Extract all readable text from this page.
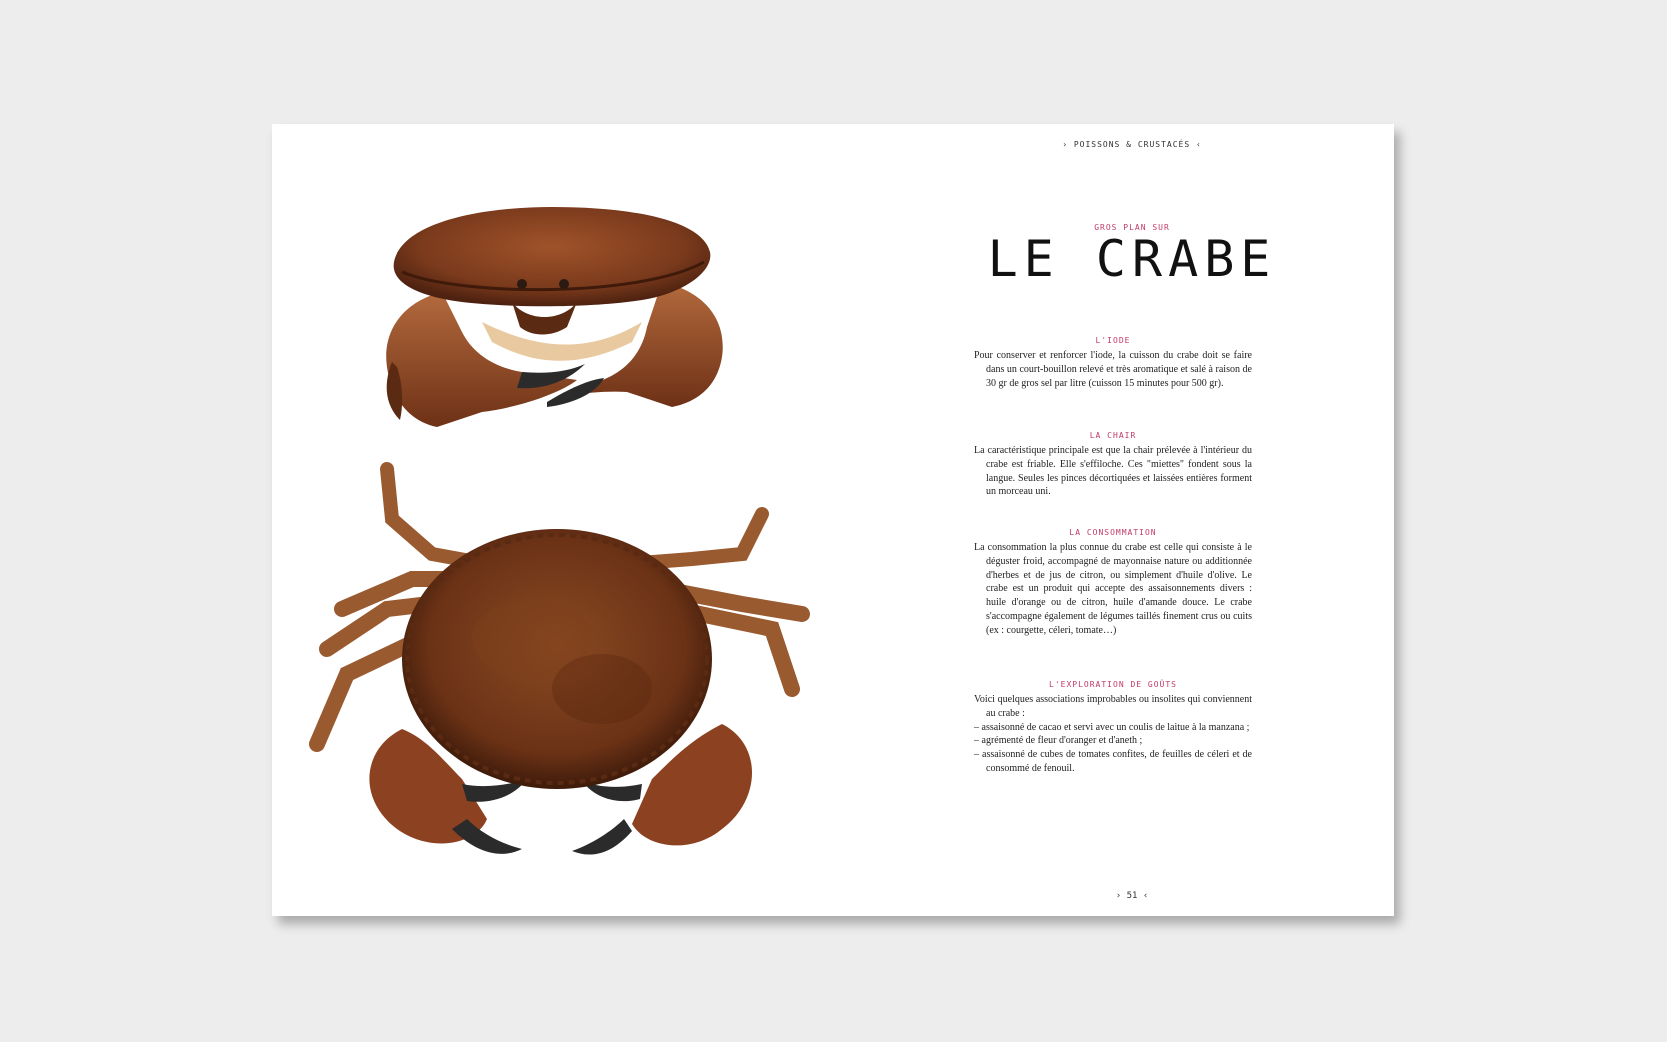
› POISSONS & CRUSTACÉS ‹
GROS PLAN SUR
LE CRABE
L'IODE
Pour conserver et renforcer l'iode, la cuisson du crabe doit se faire dans un court-bouillon relevé et très aromatique et salé à raison de 30 gr de gros sel par litre (cuisson 15 minutes pour 500 gr).
LA CHAIR
La caractéristique principale est que la chair prélevée à l'intérieur du crabe est friable. Elle s'effiloche. Ces "miettes" fondent sous la langue. Seules les pinces décortiquées et laissées entières forment un morceau uni.
LA CONSOMMATION
La consommation la plus connue du crabe est celle qui consiste à le déguster froid, accompagné de mayonnaise nature ou additionnée d'herbes et de jus de citron, ou simplement d'huile d'olive. Le crabe est un produit qui accepte des assaisonnements divers : huile d'orange ou de citron, huile d'amande douce. Le crabe s'accompagne également de légumes taillés finement crus ou cuits (ex : courgette, céleri, tomate…)
L'EXPLORATION DE GOÛTS
Voici quelques associations improbables ou insolites qui conviennent au crabe :
– assaisonné de cacao et servi avec un coulis de laitue à la manzana ;
– agrémenté de fleur d'oranger et d'aneth ;
– assaisonné de cubes de tomates confites, de feuilles de céleri et de consommé de fenouil.
› 51 ‹
